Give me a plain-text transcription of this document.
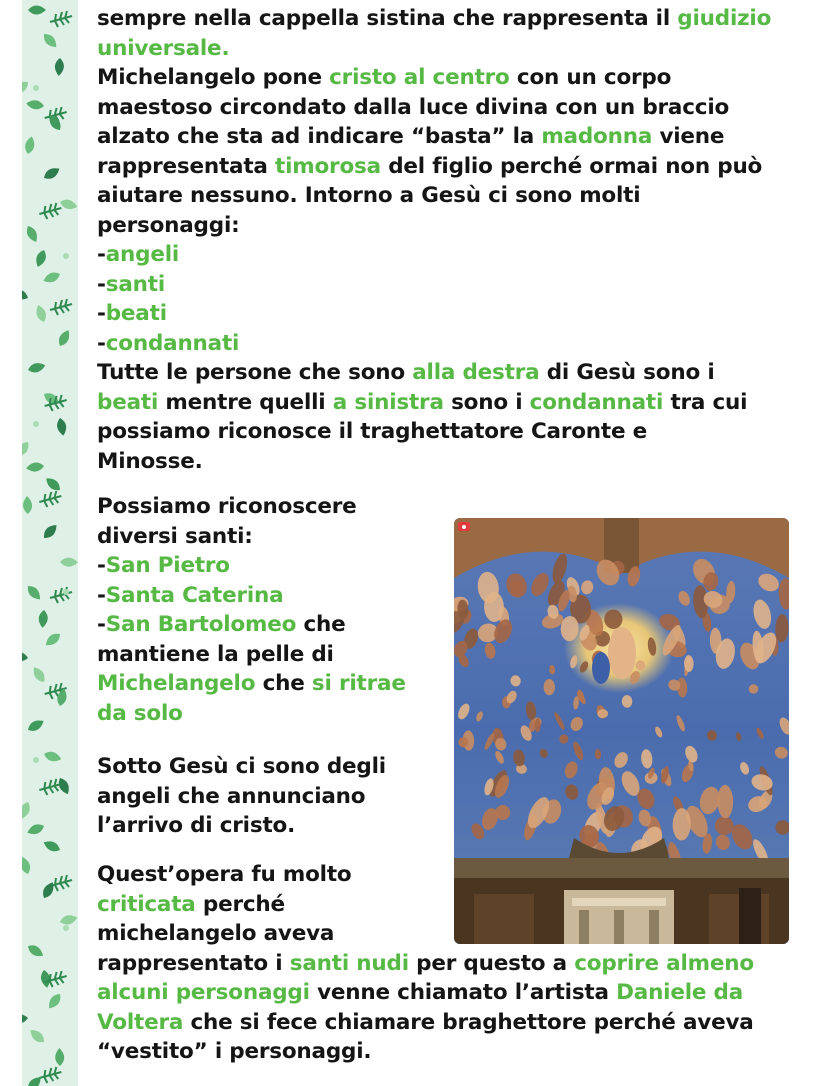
sempre nella cappella sistina che rappresenta il giudizio
universale.
Michelangelo pone cristo al centro con un corpo
maestoso circondato dalla luce divina con un braccio
alzato che sta ad indicare “basta” la madonna viene
rappresentata timorosa del figlio perché ormai non può
aiutare nessuno. Intorno a Gesù ci sono molti
personaggi:
-angeli
-santi
-beati
-condannati
Tutte le persone che sono alla destra di Gesù sono i
beati mentre quelli a sinistra sono i condannati tra cui
possiamo riconosce il traghettatore Caronte e
Minosse.
Possiamo riconoscere
diversi santi:
-San Pietro
-Santa Caterina
-San Bartolomeo che
mantiene la pelle di
Michelangelo che si ritrae
da solo
Sotto Gesù ci sono degli
angeli che annunciano
l’arrivo di cristo.
Quest’opera fu molto
criticata perché
michelangelo aveva
rappresentato i santi nudi per questo a coprire almeno
alcuni personaggi venne chiamato l’artista Daniele da
Voltera che si fece chiamare braghettore perché aveva
“vestito” i personaggi.
